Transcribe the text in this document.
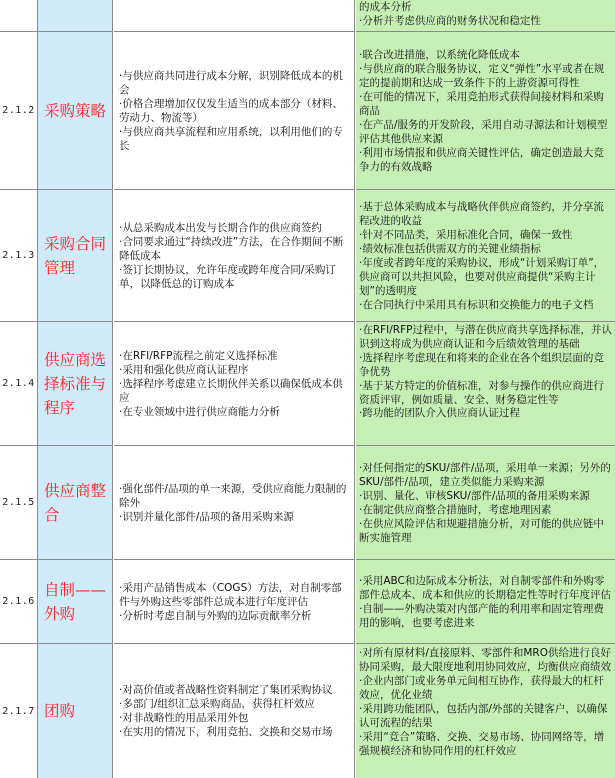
的成本分析
·分析并考虑供应商的财务状况和稳定性
2.1.2 采购策略
·与供应商共同进行成本分解，识别降低成本的机会
·价格合理增加仅仅发生适当的成本部分（材料、劳动力、物流等）
·与供应商共享流程和应用系统，以利用他们的专长
·联合改进措施，以系统化降低成本
·与供应商的联合服务协议，定义“弹性”水平或者在规定的提前期和达成一致条件下的上游资源可得性
·在可能的情况下，采用竞拍形式获得间接材料和采购商品
·在产品/服务的开发阶段，采用自动寻源法和计划模型评估其他供应来源
·利用市场情报和供应商关键性评估，确定创造最大竞争力的有效战略
2.1.3
采购合同管理
·从总采购成本出发与长期合作的供应商签约
·合同要求通过“持续改进”方法，在合作期间不断降低成本
·签订长期协议，允许年度或跨年度合同/采购订单，以降低总的订购成本
·基于总体采购成本与战略伙伴供应商签约，并分享流程改进的收益
·针对不同品类，采用标准化合同，确保一致性
·绩效标准包括供需双方的关键业绩指标
·年度或者跨年度的采购协议，形成“计划采购订单”，供应商可以共担风险，也要对供应商提供“采购主计划”的透明度
·在合同执行中采用具有标识和交换能力的电子文档
2.1.4
供应商选择标准与程序
·在RFI/RFP流程之前定义选择标准
·采用和强化供应商认证程序
·选择程序考虑建立长期伙伴关系以确保低成本供应
·在专业领域中进行供应商能力分析
·在RFI/RFP过程中，与潜在供应商共享选择标准，并认识到这将成为供应商认证和今后绩效管理的基础
·选择程序考虑现在和将来的企业在各个组织层面的竞争优势
·基于某方特定的价值标准，对参与操作的供应商进行资质评审，例如质量、安全、财务稳定性等
·跨功能的团队介入供应商认证过程
2.1.5
供应商整合
·强化部件/品项的单一来源，受供应商能力限制的除外
·识别并量化部件/品项的备用采购来源
·对任何指定的SKU/部件/品项，采用单一来源；另外的SKU/部件/品项，建立类似能力采购来源
·识别、量化、审核SKU/部件/品项的备用采购来源
·在制定供应商整合措施时，考虑地理因素
·在供应风险评估和规避措施分析，对可能的供应链中断实施管理
2.1.6
自制——外购
·采用产品销售成本（COGS）方法，对自制零部件与外购这些零部件总成本进行年度评估
·分析时考虑自制与外购的边际贡献率分析
·采用ABC和边际成本分析法，对自制零部件和外购零部件总成本、成本和供应的长期稳定性等时行年度评估
·自制——外购决策对内部产能的利用率和固定管理费用的影响，也要考虑进来
2.1.7 团购
·对高价值或者战略性资料制定了集团采购协议
·多部门/组织汇总采购商品，获得杠杆效应
·对非战略性的用品采用外包
·在实用的情况下，利用竞拍、交换和交易市场
·对所有原材料/直接原料、零部件和MRO供给进行良好协同采购，最大限度地利用协同效应，均衡供应商绩效
·企业内部门或业务单元间相互协作，获得最大的杠杆效应，优化业绩
·采用跨功能团队，包括内部/外部的关键客户，以确保认可流程的结果
·采用“竞合”策略、交换、交易市场、协同网络等，增强规模经济和协同作用的杠杆效应
